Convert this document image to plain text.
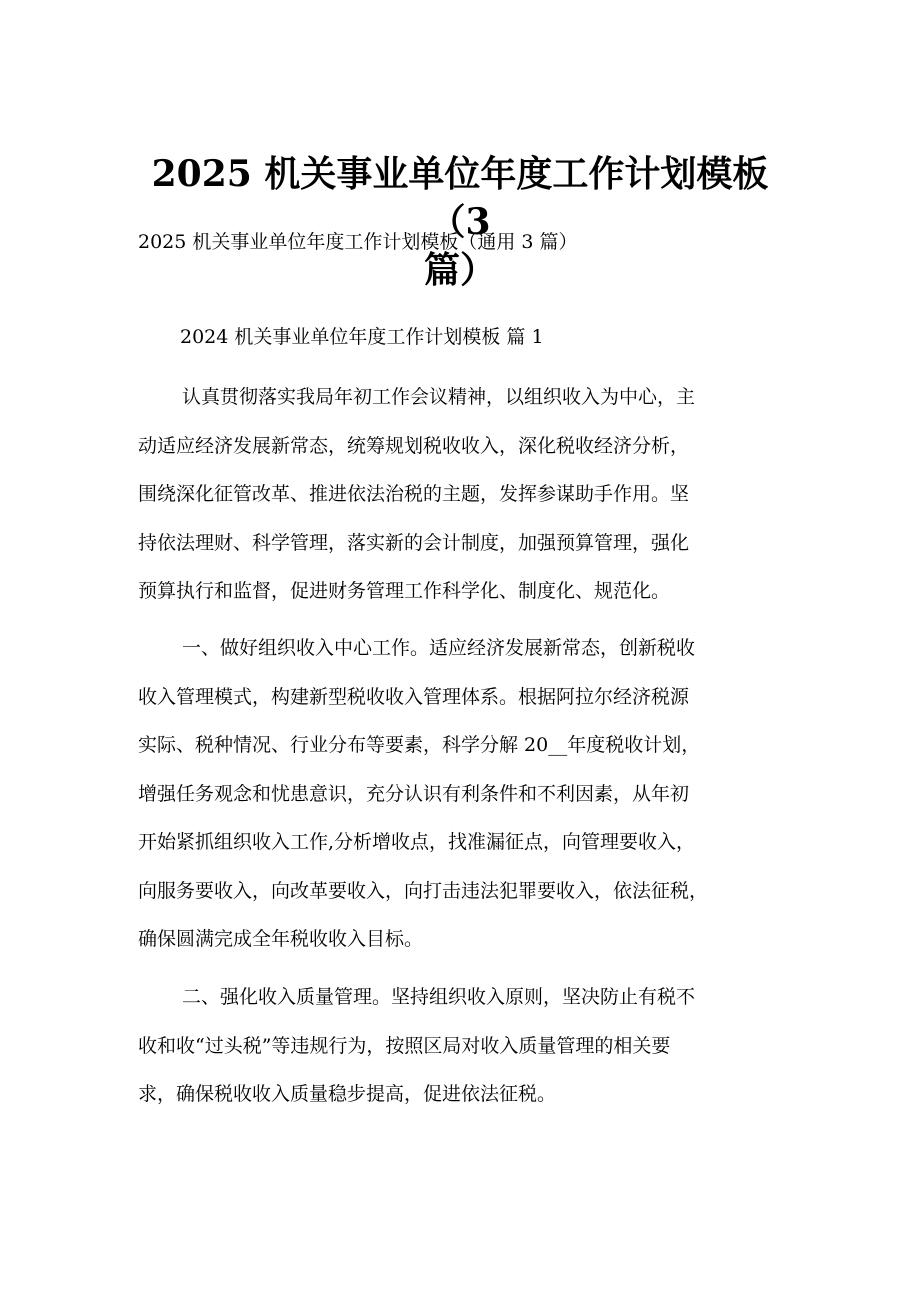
2025 机关事业单位年度工作计划模板（3
篇）
2025 机关事业单位年度工作计划模板（通用 3 篇）
2024 机关事业单位年度工作计划模板 篇 1
认真贯彻落实我局年初工作会议精神，以组织收入为中心，主
动适应经济发展新常态，统筹规划税收收入，深化税收经济分析，
围绕深化征管改革、推进依法治税的主题，发挥参谋助手作用。坚
持依法理财、科学管理，落实新的会计制度，加强预算管理，强化
预算执行和监督，促进财务管理工作科学化、制度化、规范化。
一、做好组织收入中心工作。适应经济发展新常态，创新税收
收入管理模式，构建新型税收收入管理体系。根据阿拉尔经济税源
实际、税种情况、行业分布等要素，科学分解 20__年度税收计划，
增强任务观念和忧患意识，充分认识有利条件和不利因素，从年初
开始紧抓组织收入工作,分析增收点，找准漏征点，向管理要收入，
向服务要收入，向改革要收入，向打击违法犯罪要收入，依法征税，
确保圆满完成全年税收收入目标。
二、强化收入质量管理。坚持组织收入原则，坚决防止有税不
收和收“过头税”等违规行为，按照区局对收入质量管理的相关要
求，确保税收收入质量稳步提高，促进依法征税。
